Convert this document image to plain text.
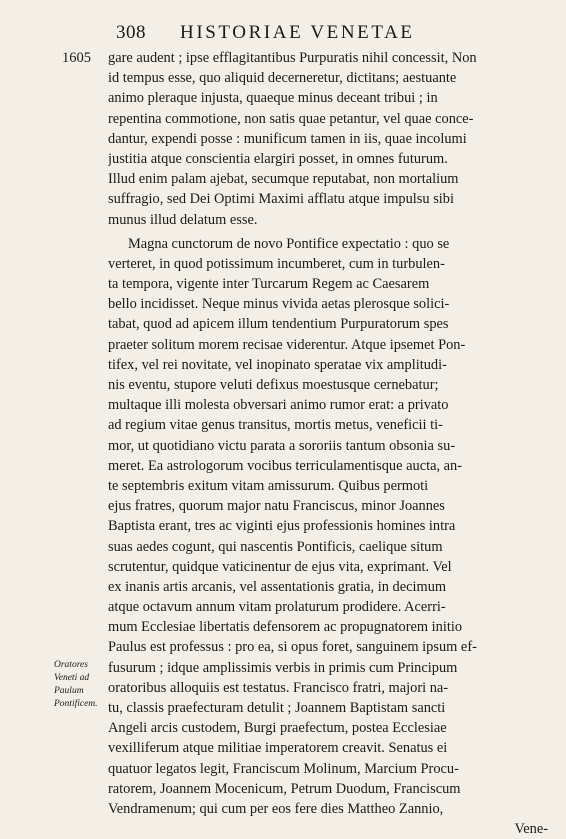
308 HISTORIAE VENETAE
1605
Oratores
Veneti ad
Paulum
Pontificem.
gare audent ; ipse efflagitantibus Purpuratis nihil concessit, Non
id tempus esse, quo aliquid decerneretur, dictitans; aestuante
animo pleraque injusta, quaeque minus deceant tribui ; in
repentina commotione, non satis quae petantur, vel quae conce-
dantur, expendi posse : munificum tamen in iis, quae incolumi
justitia atque conscientia elargiri posset, in omnes futurum.
Illud enim palam ajebat, secumque reputabat, non mortalium
suffragio, sed Dei Optimi Maximi afflatu atque impulsu sibi
munus illud delatum esse.
Magna cunctorum de novo Pontifice expectatio : quo se
verteret, in quod potissimum incumberet, cum in turbulen-
ta tempora, vigente inter Turcarum Regem ac Caesarem
bello incidisset. Neque minus vivida aetas plerosque solici-
tabat, quod ad apicem illum tendentium Purpuratorum spes
praeter solitum morem recisae viderentur. Atque ipsemet Pon-
tifex, vel rei novitate, vel inopinato speratae vix amplitudi-
nis eventu, stupore veluti defixus moestusque cernebatur;
multaque illi molesta obversari animo rumor erat: a privato
ad regium vitae genus transitus, mortis metus, veneficii ti-
mor, ut quotidiano victu parata a sororiis tantum obsonia su-
meret. Ea astrologorum vocibus terriculamentisque aucta, an-
te septembris exitum vitam amissurum. Quibus permoti
ejus fratres, quorum major natu Franciscus, minor Joannes
Baptista erant, tres ac viginti ejus professionis homines intra
suas aedes cogunt, qui nascentis Pontificis, caelique situm
scrutentur, quidque vaticinentur de ejus vita, exprimant. Vel
ex inanis artis arcanis, vel assentationis gratia, in decimum
atque octavum annum vitam prolaturum prodidere. Acerri-
mum Ecclesiae libertatis defensorem ac propugnatorem initio
Paulus est professus : pro ea, si opus foret, sanguinem ipsum ef-
fusurum ; idque amplissimis verbis in primis cum Principum
oratoribus alloquiis est testatus. Francisco fratri, majori na-
tu, classis praefecturam detulit ; Joannem Baptistam sancti
Angeli arcis custodem, Burgi praefectum, postea Ecclesiae
vexilliferum atque militiae imperatorem creavit. Senatus ei
quatuor legatos legit, Franciscum Molinum, Marcium Procu-
ratorem, Joannem Mocenicum, Petrum Duodum, Franciscum
Vendramenum; qui cum per eos fere dies Mattheo Zannio,
Vene-
